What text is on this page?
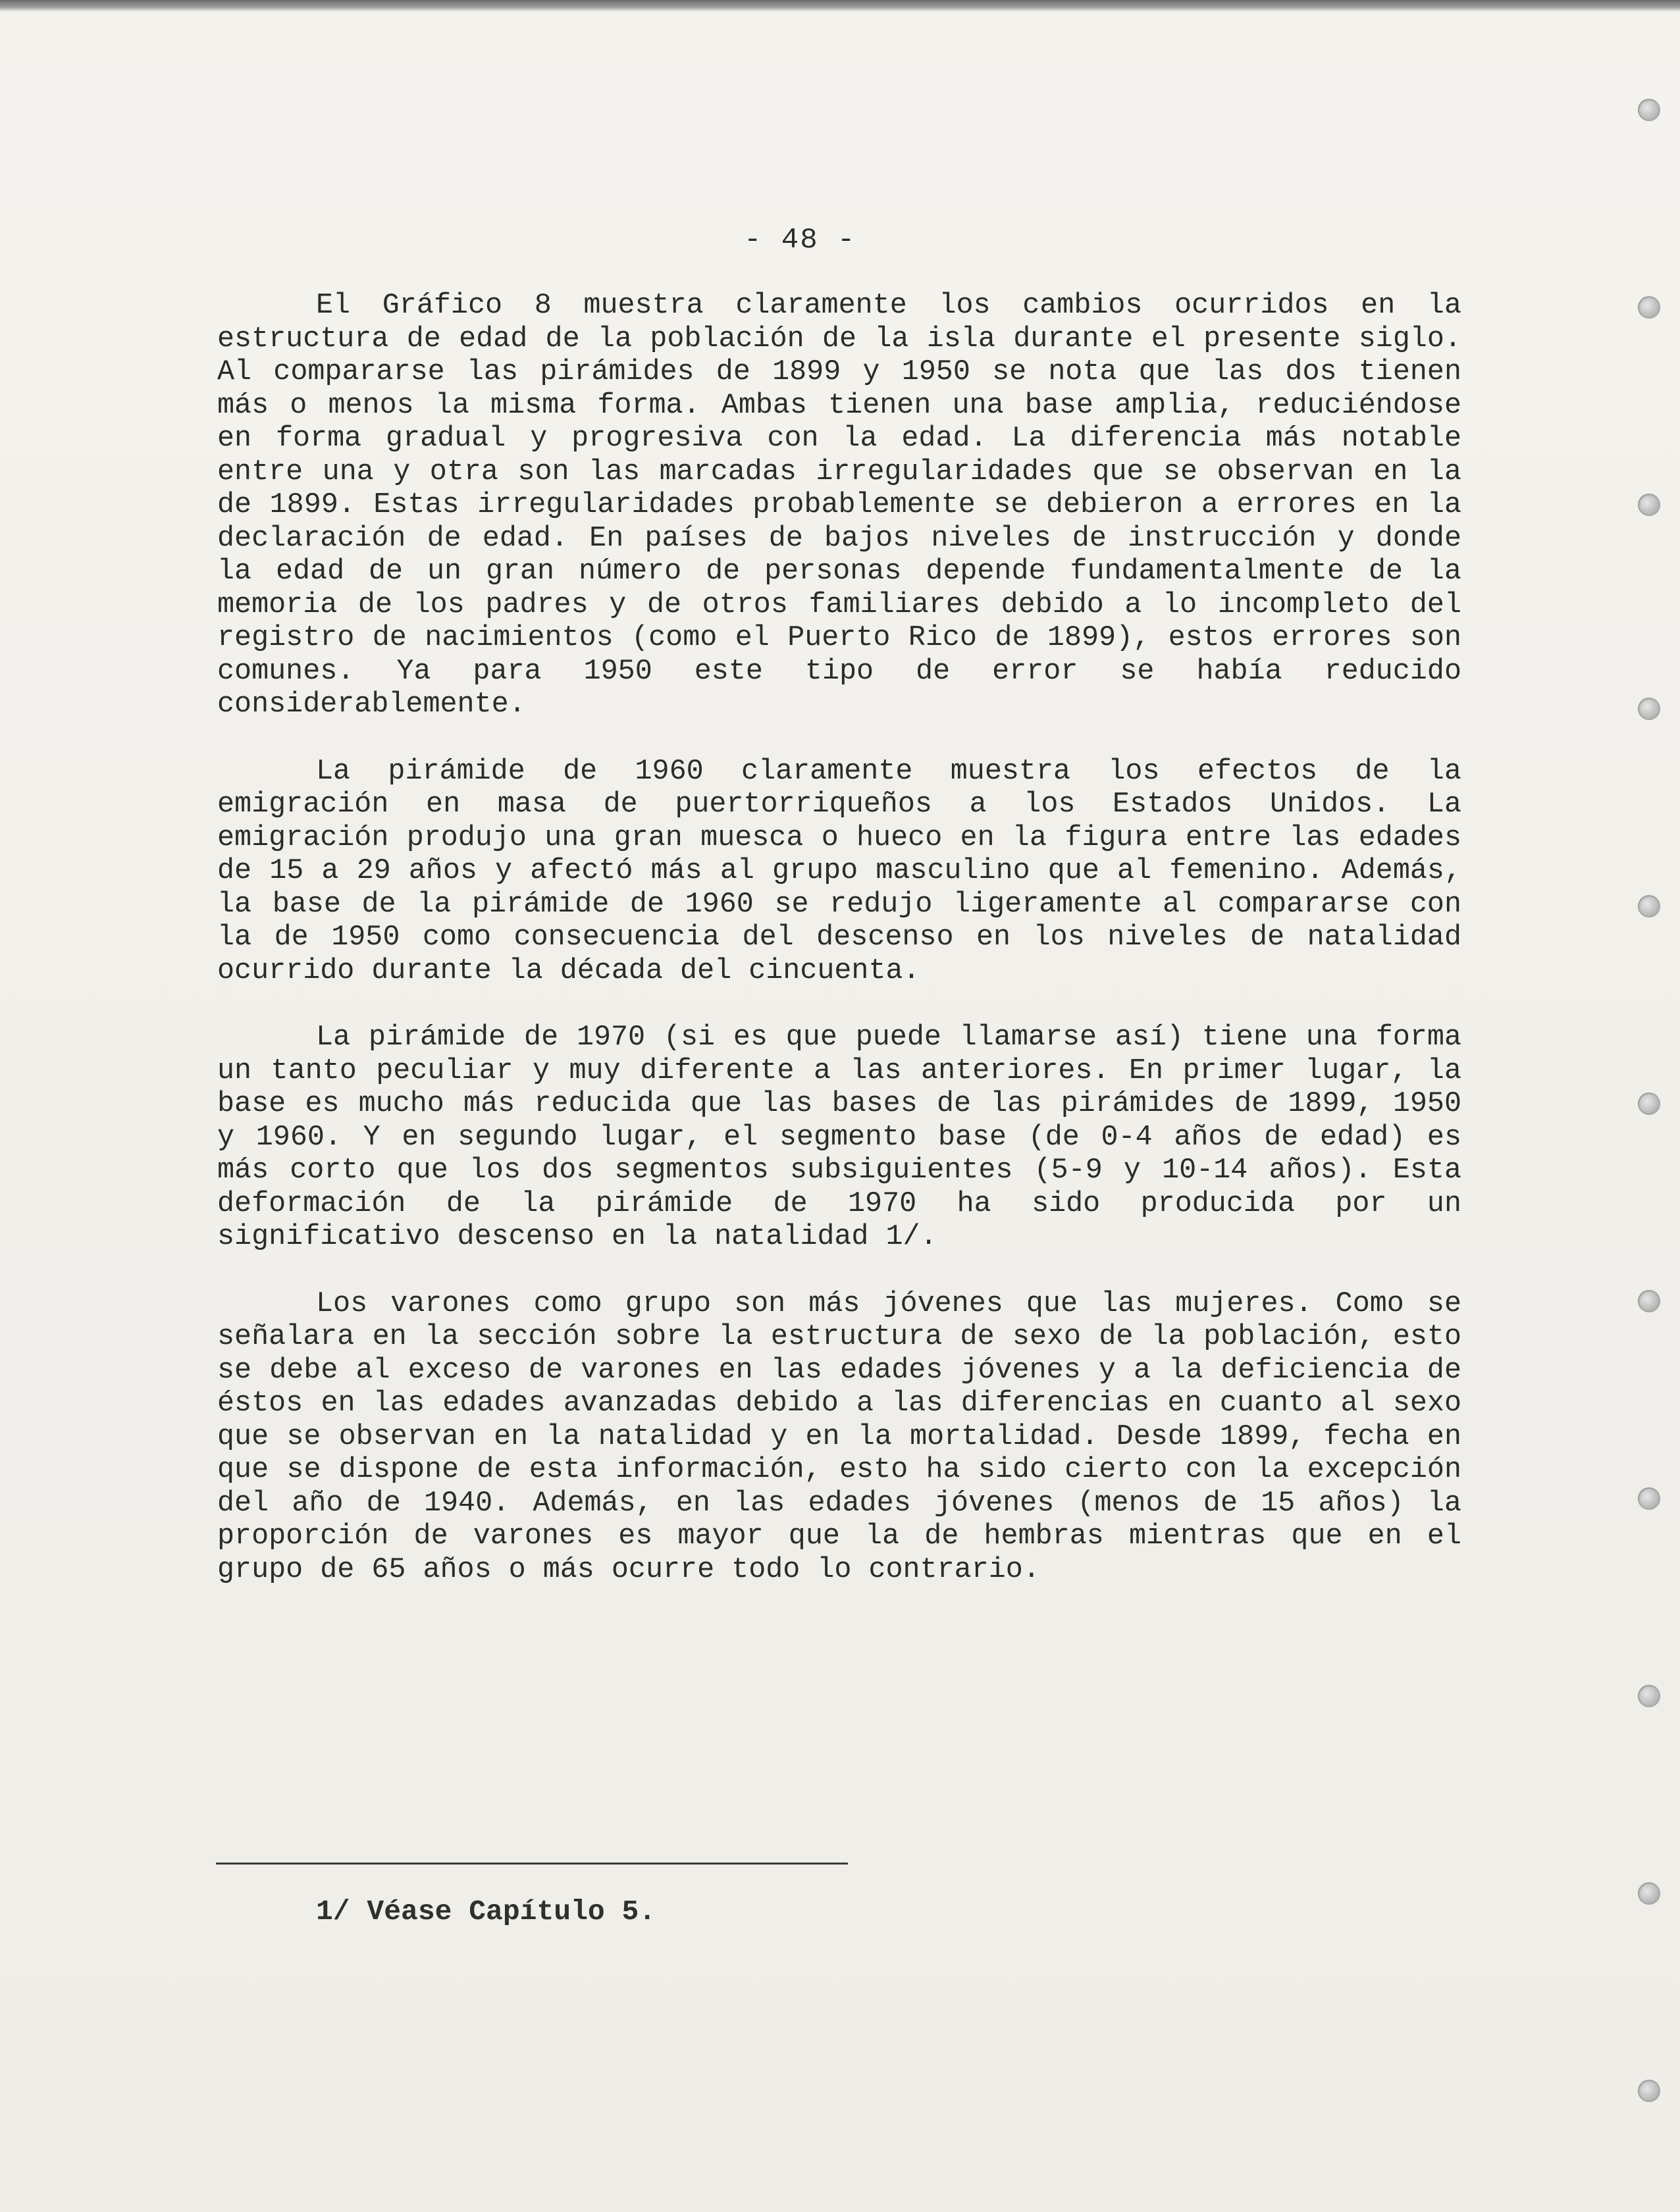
- 48 -

El Gráfico 8 muestra claramente los cambios ocurridos en la estructura de edad de la población de la isla durante el presente siglo. Al compararse las pirámides de 1899 y 1950 se nota que las dos tienen más o menos la misma forma. Ambas tienen una base amplia, reduciéndose en forma gradual y progresiva con la edad. La diferencia más notable entre una y otra son las marcadas irregularidades que se observan en la de 1899. Estas irregularidades probablemente se debieron a errores en la declaración de edad. En países de bajos niveles de instrucción y donde la edad de un gran número de personas depende fundamentalmente de la memoria de los padres y de otros familiares debido a lo incompleto del registro de nacimientos (como el Puerto Rico de 1899), estos errores son comunes. Ya para 1950 este tipo de error se había reducido considerablemente.

La pirámide de 1960 claramente muestra los efectos de la emigración en masa de puertorriqueños a los Estados Unidos. La emigración produjo una gran muesca o hueco en la figura entre las edades de 15 a 29 años y afectó más al grupo masculino que al femenino. Además, la base de la pirámide de 1960 se redujo ligeramente al compararse con la de 1950 como consecuencia del descenso en los niveles de natalidad ocurrido durante la década del cincuenta.

La pirámide de 1970 (si es que puede llamarse así) tiene una forma un tanto peculiar y muy diferente a las anteriores. En primer lugar, la base es mucho más reducida que las bases de las pirámides de 1899, 1950 y 1960. Y en segundo lugar, el segmento base (de 0-4 años de edad) es más corto que los dos segmentos subsiguientes (5-9 y 10-14 años). Esta deformación de la pirámide de 1970 ha sido producida por un significativo descenso en la natalidad 1/.

Los varones como grupo son más jóvenes que las mujeres. Como se señalara en la sección sobre la estructura de sexo de la población, esto se debe al exceso de varones en las edades jóvenes y a la deficiencia de éstos en las edades avanzadas debido a las diferencias en cuanto al sexo que se observan en la natalidad y en la mortalidad. Desde 1899, fecha en que se dispone de esta información, esto ha sido cierto con la excepción del año de 1940. Además, en las edades jóvenes (menos de 15 años) la proporción de varones es mayor que la de hembras mientras que en el grupo de 65 años o más ocurre todo lo contrario.

1/ Véase Capítulo 5.
